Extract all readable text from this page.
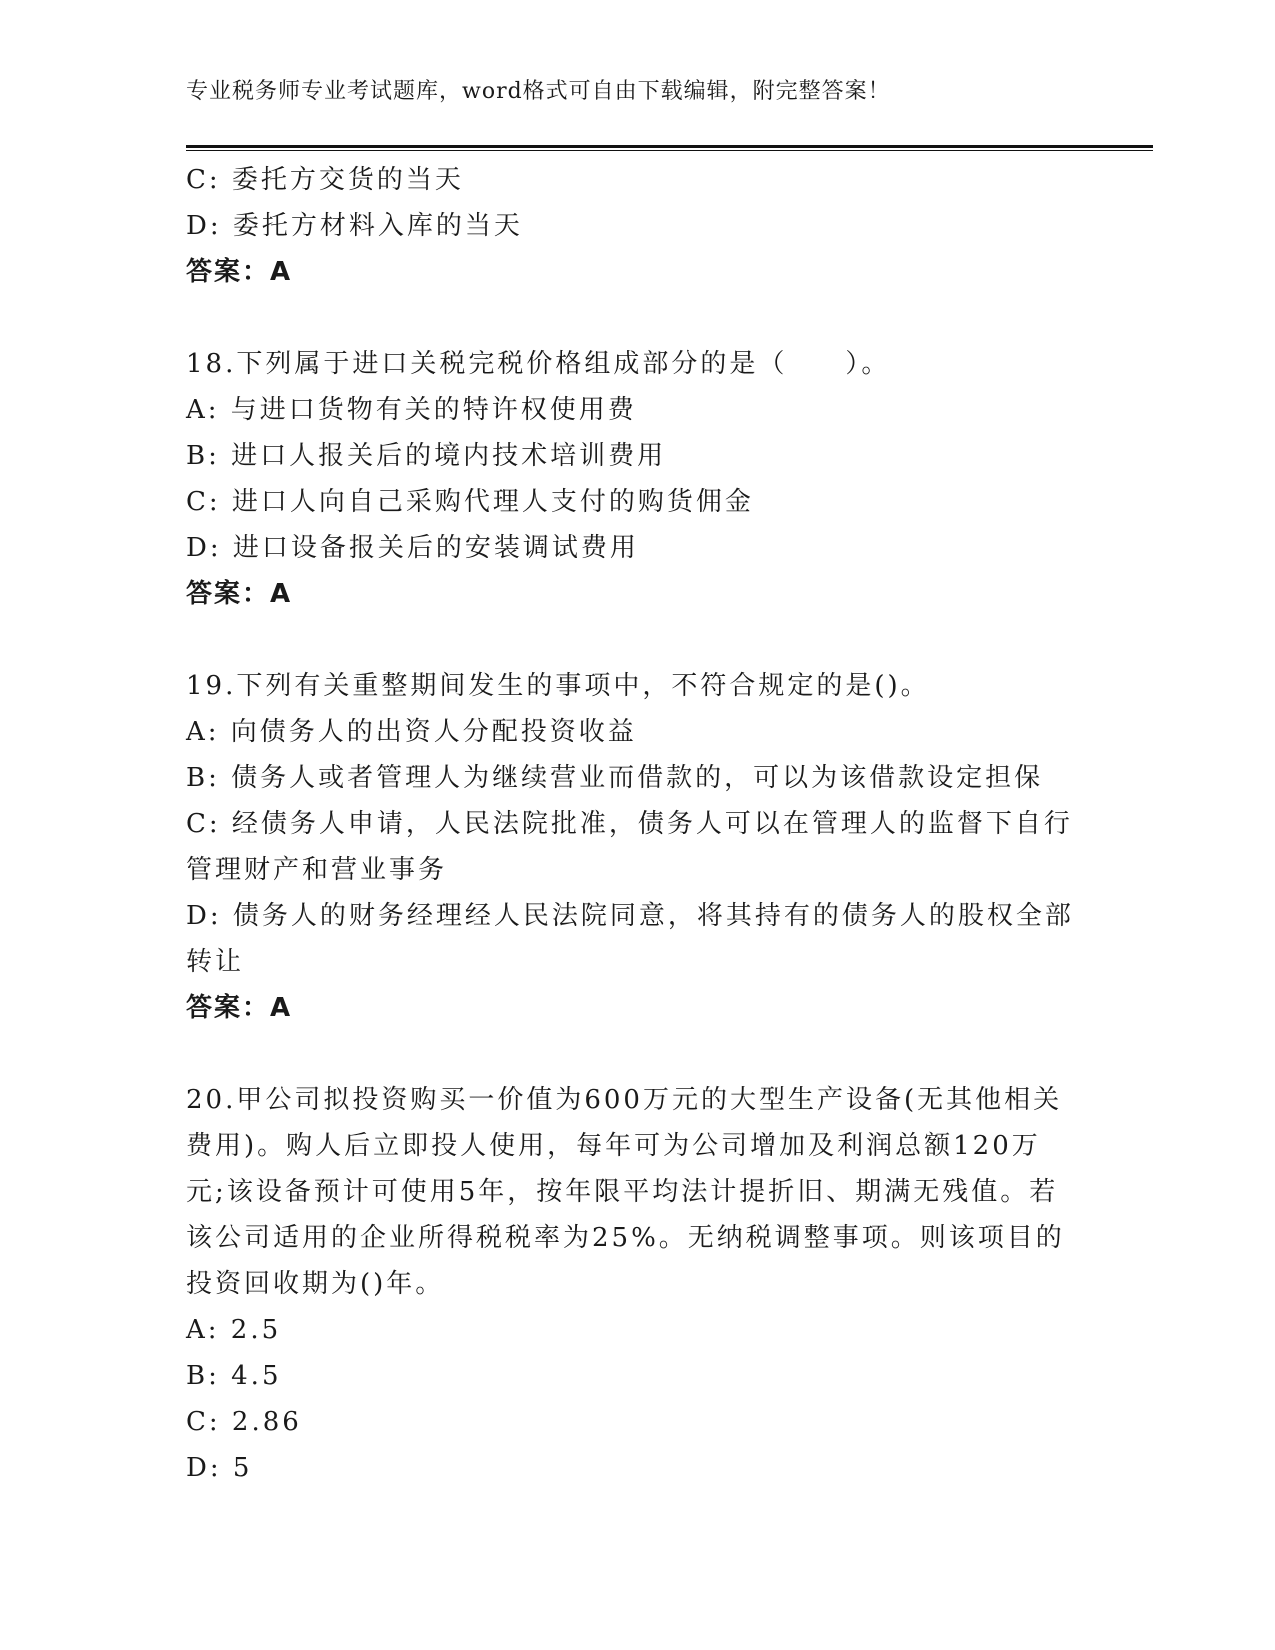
专业税务师专业考试题库，word格式可自由下载编辑，附完整答案！
C: 委托方交货的当天
D: 委托方材料入库的当天
答案：A
18.下列属于进口关税完税价格组成部分的是（　　）。
A: 与进口货物有关的特许权使用费
B: 进口人报关后的境内技术培训费用
C: 进口人向自己采购代理人支付的购货佣金
D: 进口设备报关后的安装调试费用
答案：A
19.下列有关重整期间发生的事项中，不符合规定的是()。
A: 向债务人的出资人分配投资收益
B: 债务人或者管理人为继续营业而借款的，可以为该借款设定担保
C: 经债务人申请，人民法院批准，债务人可以在管理人的监督下自行管理财产和营业事务
D: 债务人的财务经理经人民法院同意，将其持有的债务人的股权全部转让
答案：A
20.甲公司拟投资购买一价值为600万元的大型生产设备(无其他相关费用)。购人后立即投人使用，每年可为公司增加及利润总额120万元;该设备预计可使用5年，按年限平均法计提折旧、期满无残值。若该公司适用的企业所得税税率为25%。无纳税调整事项。则该项目的投资回收期为()年。
A: 2.5
B: 4.5
C: 2.86
D: 5
